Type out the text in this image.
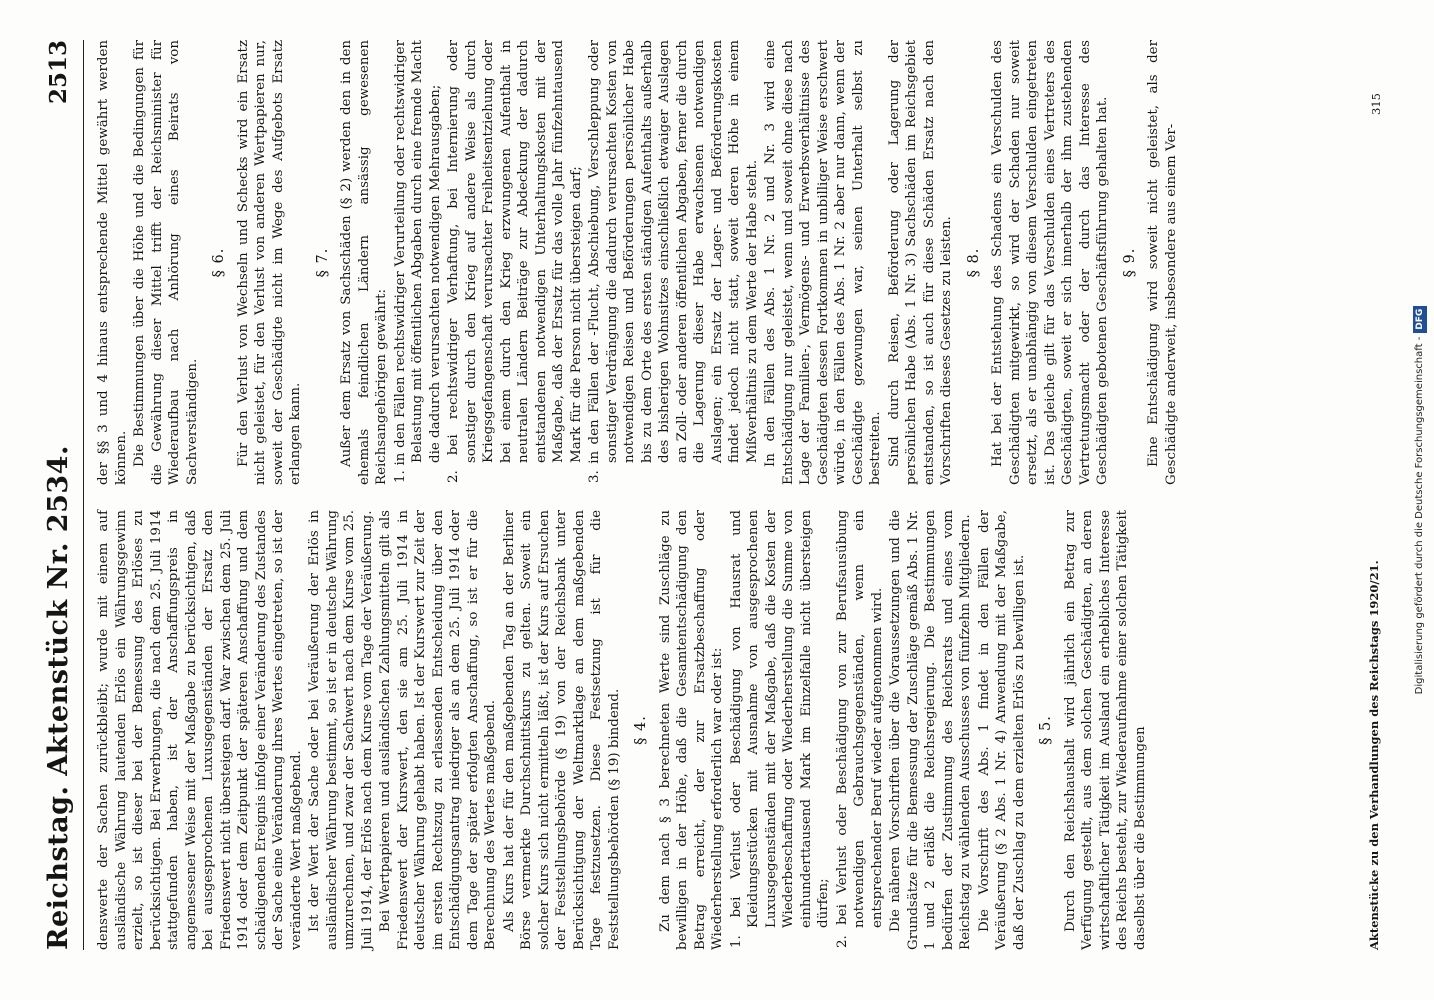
Reichstag. Aktenstück Nr. 2534.
2513

denswerte der Sachen zurückbleibt; wurde mit einem auf ausländische Währung lautenden Erlös ein Währungsgewinn erzielt, so ist dieser bei der Bemessung des Erlöses zu berücksichtigen. Bei Erwerbungen, die nach dem 25. Juli 1914 stattgefunden haben, ist der Anschaffungspreis in angemessener Weise mit der Maßgabe zu berücksichtigen, daß bei ausgesprochenen Luxusgegenständen der Ersatz den Friedenswert nicht übersteigen darf. War zwischen dem 25. Juli 1914 oder dem Zeitpunkt der späteren Anschaffung und dem schädigenden Ereignis infolge einer Veränderung des Zustandes der Sache eine Veränderung ihres Wertes eingetreten, so ist der veränderte Wert maßgebend. Ist der Wert der Sache oder bei Veräußerung der Erlös in ausländischer Währung bestimmt, so ist er in deutsche Währung umzurechnen, und zwar der Sachwert nach dem Kurse vom 25. Juli 1914, der Erlös nach dem Kurse vom Tage der Veräußerung. Bei Wertpapieren und ausländischen Zahlungsmitteln gilt als Friedenswert der Kurswert, den sie am 25. Juli 1914 in deutscher Währung gehabt haben. Ist der Kurswert zur Zeit der im ersten Rechtszug zu erlassenden Entscheidung über den Entschädigungsantrag niedriger als an dem 25. Juli 1914 oder dem Tage der später erfolgten Anschaffung, so ist er für die Berechnung des Wertes maßgebend. Als Kurs hat der für den maßgebenden Tag an der Berliner Börse vermerkte Durchschnittskurs zu gelten. Soweit ein solcher Kurs sich nicht ermitteln läßt, ist der Kurs auf Ersuchen der Feststellungsbehörde (§ 19) von der Reichsbank unter Berücksichtigung der Weltmarktlage an dem maßgebenden Tage festzusetzen. Diese Festsetzung ist für die Feststellungsbehörden (§ 19) bindend. § 4. Zu dem nach § 3 berechneten Werte sind Zuschläge zu bewilligen in der Höhe, daß die Gesamtentschädigung den Betrag erreicht, der zur Ersatzbeschaffung oder Wiederherstellung erforderlich war oder ist: 1. bei Verlust oder Beschädigung von Hausrat und Kleidungsstücken mit Ausnahme von ausgesprochenen Luxusgegenständen mit der Maßgabe, daß die Kosten der Wiederbeschaffung oder Wiederherstellung die Summe von einhunderttausend Mark im Einzelfalle nicht übersteigen dürfen; 2. bei Verlust oder Beschädigung von zur Berufsausübung notwendigen Gebrauchsgegenständen, wenn ein entsprechender Beruf wieder aufgenommen wird. Die näheren Vorschriften über die Voraussetzungen und die Grundsätze für die Bemessung der Zuschläge gemäß Abs. 1 Nr. 1 und 2 erläßt die Reichsregierung. Die Bestimmungen bedürfen der Zustimmung des Reichsrats und eines vom Reichstag zu wählenden Ausschusses von fünfzehn Mitgliedern. Die Vorschrift des Abs. 1 findet in den Fällen der Veräußerung (§ 2 Abs. 1 Nr. 4) Anwendung mit der Maßgabe, daß der Zuschlag zu dem erzielten Erlös zu bewilligen ist. § 5. Durch den Reichshaushalt wird jährlich ein Betrag zur Verfügung gestellt, aus dem solchen Geschädigten, an deren wirtschaftlicher Tätigkeit im Ausland ein erhebliches Interesse des Reichs besteht, zur Wiederaufnahme einer solchen Tätigkeit daselbst über die Bestimmungen

der §§ 3 und 4 hinaus entsprechende Mittel gewährt werden können. Die Bestimmungen über die Höhe und die Bedingungen für die Gewährung dieser Mittel trifft der Reichsminister für Wiederaufbau nach Anhörung eines Beirats von Sachverständigen.

§ 6. Für den Verlust von Wechseln und Schecks wird ein Ersatz nicht geleistet, für den Verlust von anderen Wertpapieren nur, soweit der Geschädigte nicht im Wege des Aufgebots Ersatz erlangen kann.

§ 7. Außer dem Ersatz von Sachschäden (§ 2) werden den in den ehemals feindlichen Ländern ansässig gewesenen Reichsangehörigen gewährt: 1. in den Fällen rechtswidriger Verurteilung oder rechtswidriger Belastung mit öffentlichen Abgaben durch eine fremde Macht die dadurch verursachten notwendigen Mehrausgaben; 2. bei rechtswidriger Verhaftung, bei Internierung oder sonstiger durch den Krieg auf andere Weise als durch Kriegsgefangenschaft verursachter Freiheitsentziehung oder bei einem durch den Krieg erzwungenen Aufenthalt in neutralen Ländern Beiträge zur Abdeckung der dadurch entstandenen notwendigen Unterhaltungskosten mit der Maßgabe, daß der Ersatz für das volle Jahr fünfzehntausend Mark für die Person nicht übersteigen darf; 3. in den Fällen der -Flucht, Abschiebung, Verschleppung oder sonstiger Verdrängung die dadurch verursachten Kosten von notwendigen Reisen und Beförderungen persönlicher Habe bis zu dem Orte des ersten ständigen Aufenthalts außerhalb des bisherigen Wohnsitzes einschließlich etwaiger Auslagen an Zoll- oder anderen öffentlichen Abgaben, ferner die durch die Lagerung dieser Habe erwachsenen notwendigen Auslagen; ein Ersatz der Lager- und Beförderungskosten findet jedoch nicht statt, soweit deren Höhe in einem Mißverhältnis zu dem Werte der Habe steht. In den Fällen des Abs. 1 Nr. 2 und Nr. 3 wird eine Entschädigung nur geleistet, wenn und soweit ohne diese nach Lage der Familien-, Vermögens- und Erwerbsverhältnisse des Geschädigten dessen Fortkommen in unbilliger Weise erschwert würde, in den Fällen des Abs. 1 Nr. 2 aber nur dann, wenn der Geschädigte gezwungen war, seinen Unterhalt selbst zu bestreiten. Sind durch Reisen, Beförderung oder Lagerung der persönlichen Habe (Abs. 1 Nr. 3) Sachschäden im Reichsgebiet entstanden, so ist auch für diese Schäden Ersatz nach den Vorschriften dieses Gesetzes zu leisten. § 8. Hat bei der Entstehung des Schadens ein Verschulden des Geschädigten mitgewirkt, so wird der Schaden nur soweit ersetzt, als er unabhängig von diesem Verschulden eingetreten ist. Das gleiche gilt für das Verschulden eines Vertreters des Geschädigten, soweit er sich innerhalb der ihm zustehenden Vertretungsmacht oder der durch das Interesse des Geschädigten gebotenen Geschäftsführung gehalten hat. § 9. Eine Entschädigung wird soweit nicht geleistet, als der Geschädigte anderweit, insbesondere aus einem Ver-

Aktenstücke zu den Verhandlungen des Reichstags 1920/21.
315
Digitalisierung gefördert durch die Deutsche Forschungsgemeinschaft -
DFG
